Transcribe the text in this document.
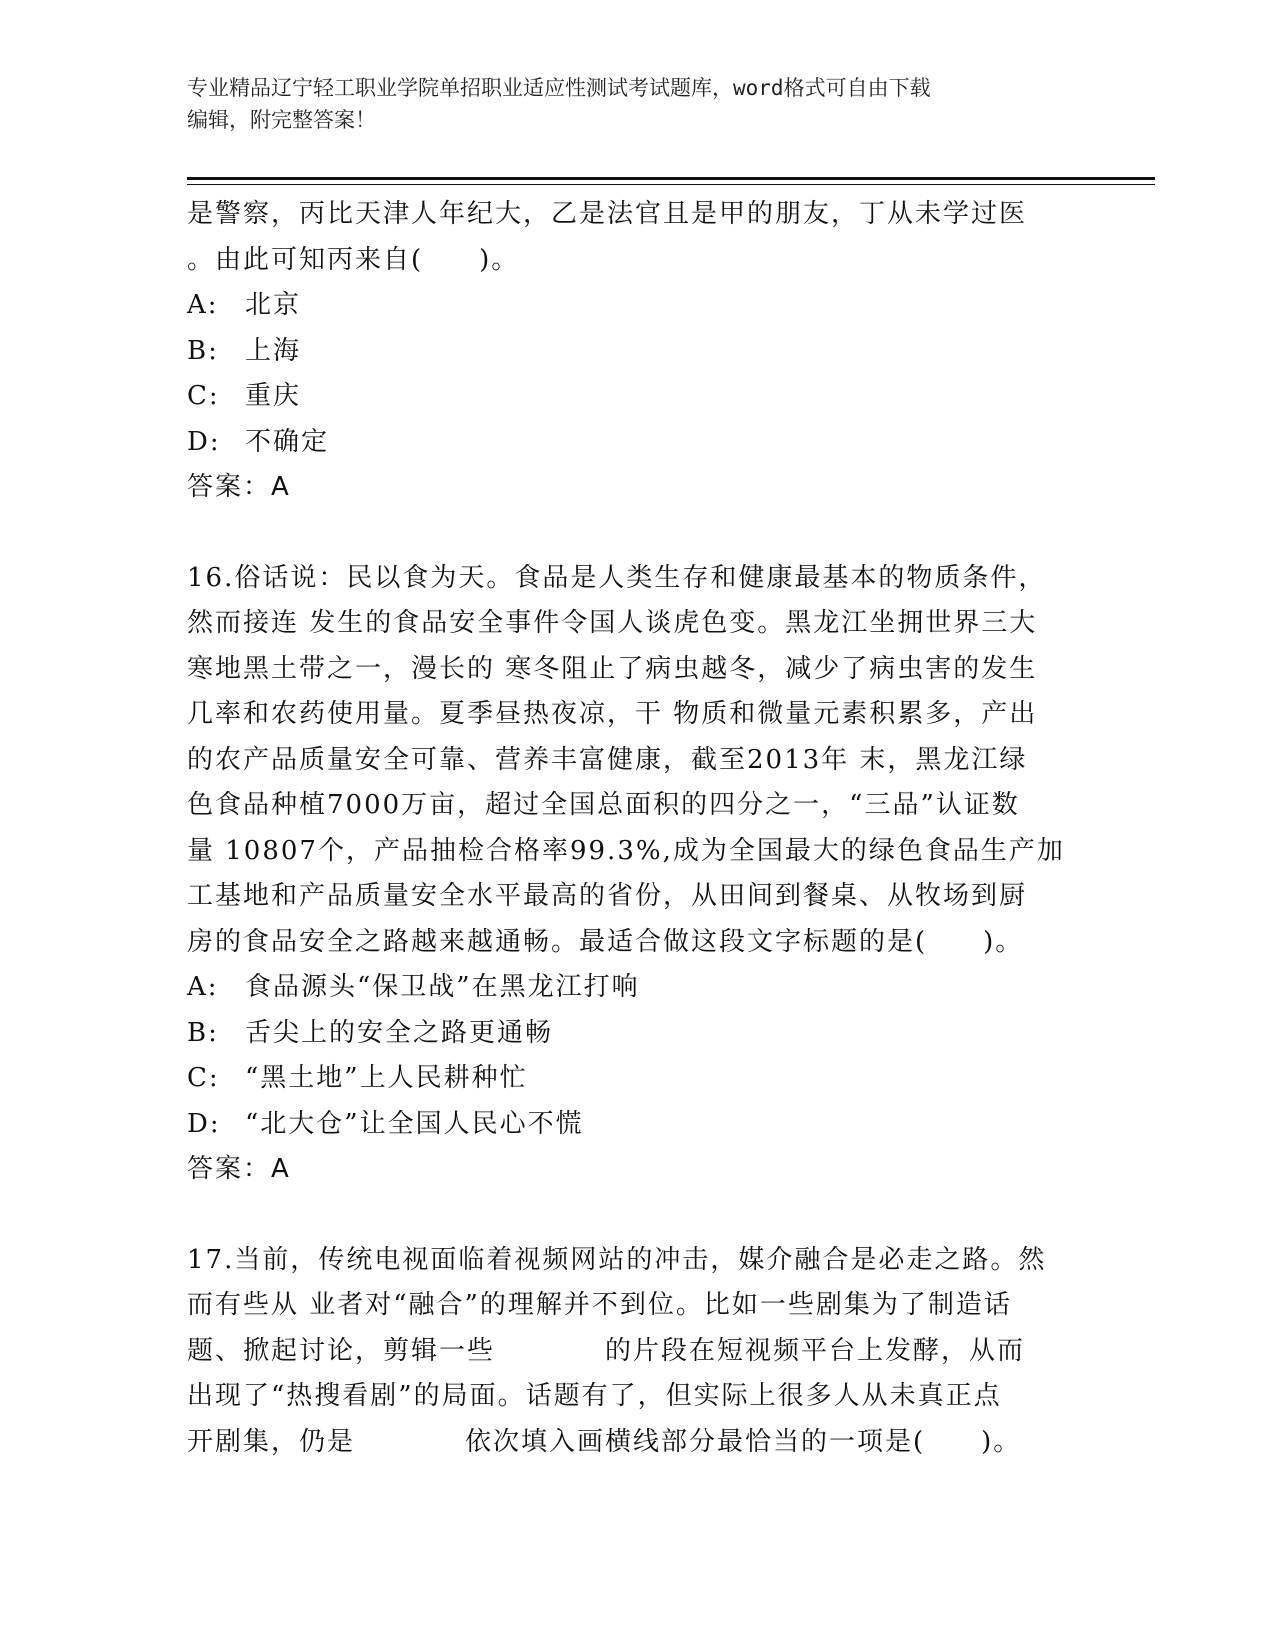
专业精品辽宁轻工职业学院单招职业适应性测试考试题库，word格式可自由下载
编辑，附完整答案！

是警察，丙比天津人年纪大，乙是法官且是甲的朋友，丁从未学过医

。由此可知丙来自(　　)。

A:	北京
B:	上海
C: 重庆
D: 不确定

答案：A

16.俗话说：民以食为天。食品是人类生存和健康最基本的物质条件，

然而接连 发生的食品安全事件令国人谈虎色变。黑龙江坐拥世界三大

寒地黑土带之一，漫长的 寒冬阻止了病虫越冬，减少了病虫害的发生

几率和农药使用量。夏季昼热夜凉，干 物质和微量元素积累多，产出

的农产品质量安全可靠、营养丰富健康，截至2013年 末，黑龙江绿

色食品种植7000万亩，超过全国总面积的四分之一，“三品”认证数

量 10807个，产品抽检合格率99.3%,成为全国最大的绿色食品生产加

工基地和产品质量安全水平最高的省份，从田间到餐桌、从牧场到厨

房的食品安全之路越来越通畅。最适合做这段文字标题的是(　　)。

A:	食品源头“保卫战”在黑龙江打响
B:	舌尖上的安全之路更通畅
C: “黑土地”上人民耕种忙
D: “北大仓”让全国人民心不慌

答案：A

17.当前，传统电视面临着视频网站的冲击，媒介融合是必走之路。然

而有些从 业者对“融合”的理解并不到位。比如一些剧集为了制造话

题、掀起讨论，剪辑一些	的片段在短视频平台上发酵，从而

出现了“热搜看剧”的局面。话题有了，但实际上很多人从未真正点

开剧集，仍是	依次填入画横线部分最恰当的一项是(　　)。
